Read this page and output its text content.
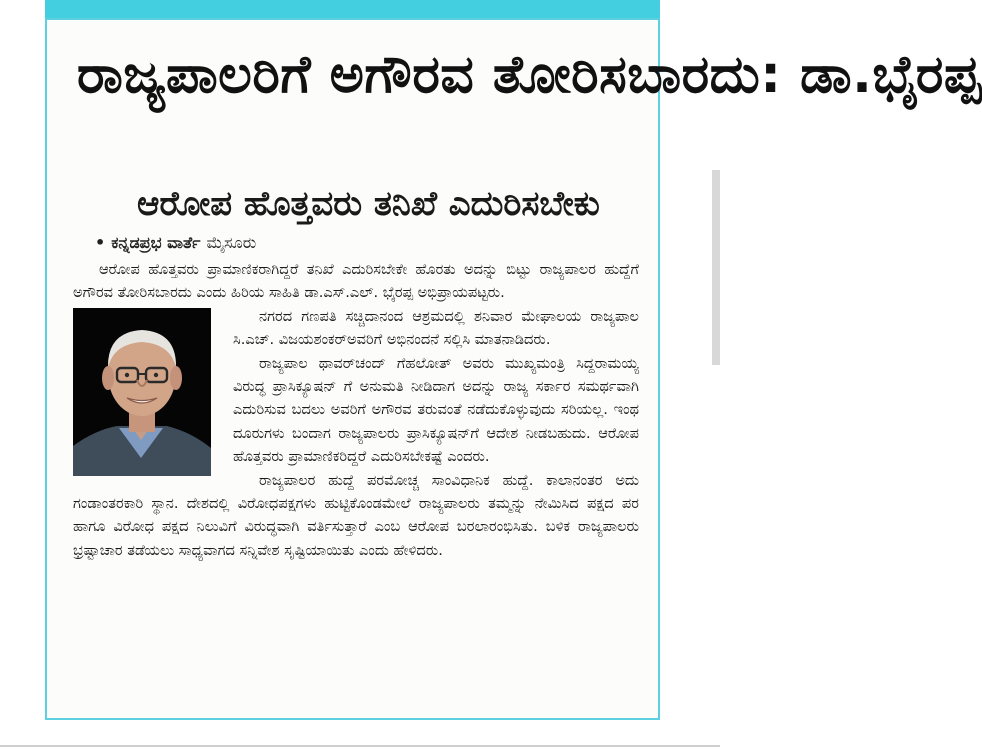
ರಾಜ್ಯಪಾಲರಿಗೆ ಅಗೌರವ ತೋರಿಸಬಾರದು: ಡಾ.ಭೈರಪ್ಪ
ಆರೋಪ ಹೊತ್ತವರು ತನಿಖೆ ಎದುರಿಸಬೇಕು
• ಕನ್ನಡಪ್ರಭ ವಾರ್ತೆ ಮೈಸೂರು

ಆರೋಪ ಹೊತ್ತವರು ಪ್ರಾಮಾಣಿಕರಾಗಿದ್ದರೆ ತನಿಖೆ ಎದುರಿಸಬೇಕೇ ಹೊರತು ಅದನ್ನು ಬಿಟ್ಟು ರಾಜ್ಯಪಾಲರ ಹುದ್ದೆಗೆ ಅಗೌರವ ತೋರಿಸಬಾರದು ಎಂದು ಹಿರಿಯ ಸಾಹಿತಿ ಡಾ.ಎಸ್.ಎಲ್. ಭೈರಪ್ಪ ಅಭಿಪ್ರಾಯಪಟ್ಟರು.

ನಗರದ ಗಣಪತಿ ಸಚ್ಚಿದಾನಂದ ಆಶ್ರಮದಲ್ಲಿ ಶನಿವಾರ ಮೇಘಾಲಯ ರಾಜ್ಯಪಾಲ ಸಿ.ಎಚ್. ವಿಜಯಶಂಕರ್‌ಅವರಿಗೆ ಅಭಿನಂದನೆ ಸಲ್ಲಿಸಿ ಮಾತನಾಡಿದರು.

ರಾಜ್ಯಪಾಲ ಥಾವರ್‌ಚಂದ್ ಗೆಹಲೋತ್ ಅವರು ಮುಖ್ಯಮಂತ್ರಿ ಸಿದ್ದರಾಮಯ್ಯ ವಿರುದ್ಧ ಪ್ರಾಸಿಕ್ಯೂಷನ್ ಗೆ ಅನುಮತಿ ನೀಡಿದಾಗ ಅದನ್ನು ರಾಜ್ಯ ಸರ್ಕಾರ ಸಮರ್ಥವಾಗಿ ಎದುರಿಸುವ ಬದಲು ಅವರಿಗೆ ಅಗೌರವ ತರುವಂತೆ ನಡೆದುಕೊಳ್ಳುವುದು ಸರಿಯಲ್ಲ. ಇಂಥ ದೂರುಗಳು ಬಂದಾಗ ರಾಜ್ಯಪಾಲರು ಪ್ರಾಸಿಕ್ಯೂಷನ್‌ಗೆ ಆದೇಶ ನೀಡಬಹುದು. ಆರೋಪ ಹೊತ್ತವರು ಪ್ರಾಮಾಣಿಕರಿದ್ದರೆ ಎದುರಿಸಬೇಕಷ್ಟೆ ಎಂದರು.

ರಾಜ್ಯಪಾಲರ ಹುದ್ದೆ ಪರಮೋಚ್ಚ ಸಾಂವಿಧಾನಿಕ ಹುದ್ದೆ. ಕಾಲಾನಂತರ ಅದು ಗಂಡಾಂತರಕಾರಿ ಸ್ಥಾನ. ದೇಶದಲ್ಲಿ ವಿರೋಧಪಕ್ಷಗಳು ಹುಟ್ಟಿಕೊಂಡಮೇಲೆ ರಾಜ್ಯಪಾಲರು ತಮ್ಮನ್ನು ನೇಮಿಸಿದ ಪಕ್ಷದ ಪರ ಹಾಗೂ ವಿರೋಧ ಪಕ್ಷದ ನಿಲುವಿಗೆ ವಿರುದ್ಧವಾಗಿ ವರ್ತಿಸುತ್ತಾರೆ ಎಂಬ ಆರೋಪ ಬರಲಾರಂಭಿಸಿತು. ಬಳಿಕ ರಾಜ್ಯಪಾಲರು ಭ್ರಷ್ಟಾಚಾರ ತಡೆಯಲು ಸಾಧ್ಯವಾಗದ ಸನ್ನಿವೇಶ ಸೃಷ್ಟಿಯಾಯಿತು ಎಂದು ಹೇಳಿದರು.
